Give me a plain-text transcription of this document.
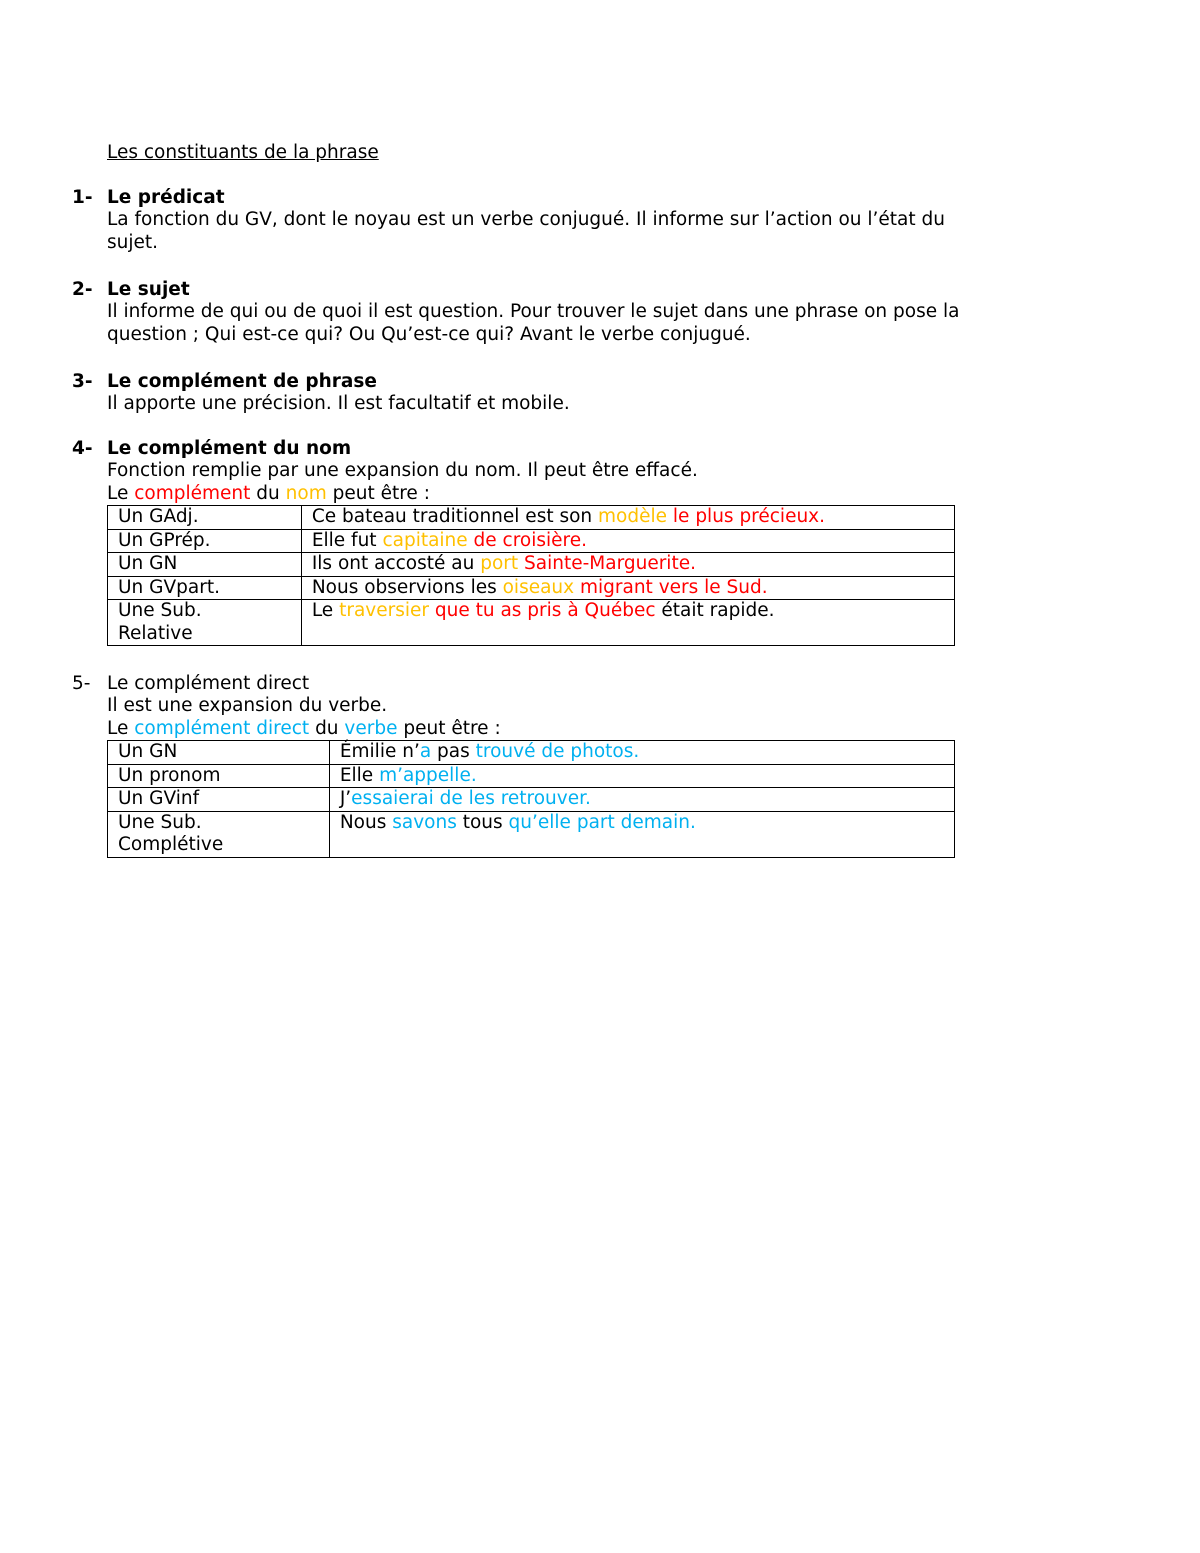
Les constituants de la phrase
1- Le prédicat

La fonction du GV, dont le noyau est un verbe conjugué. Il informe sur l’action ou l’état du

sujet.

2- Le sujet

Il informe de qui ou de quoi il est question. Pour trouver le sujet dans une phrase on pose la

question ; Qui est-ce qui? Ou Qu’est-ce qui? Avant le verbe conjugué.

3- Le complément de phrase

Il apporte une précision. Il est facultatif et mobile.

4- Le complément du nom

Fonction remplie par une expansion du nom. Il peut être effacé.

Le complément du nom peut être :

Un GAdj.	Ce bateau traditionnel est son modèle le plus précieux.
Un GPrép.	Elle fut capitaine de croisière.
Un GN	Ils ont accosté au port Sainte-Marguerite.
Un GVpart.	Nous observions les oiseaux migrant vers le Sud.
Une Sub.
Relative	Le traversier que tu as pris à Québec était rapide.
5- Le complément direct

Il est une expansion du verbe.

Le complément direct du verbe peut être :

Un GN	Émilie n’a pas trouvé de photos.
Un pronom	Elle m’appelle.
Un GVinf	J’essaierai de les retrouver.
Une Sub.
Complétive	Nous savons tous qu’elle part demain.
